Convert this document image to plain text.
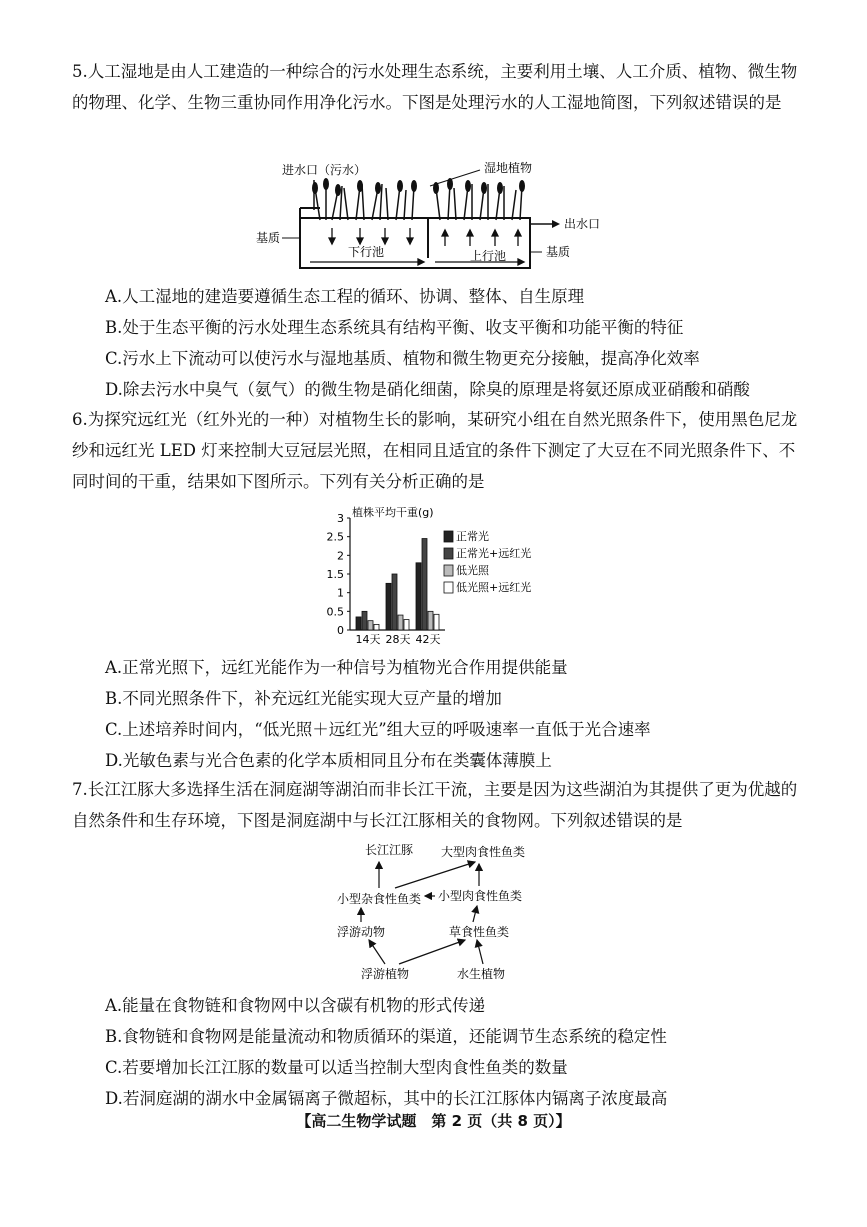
5.人工湿地是由人工建造的一种综合的污水处理生态系统，主要利用土壤、人工介质、植物、微生物的物理、化学、生物三重协同作用净化污水。下图是处理污水的人工湿地简图，下列叙述错误的是

进水口（污水）	湿地植物
出水口
基质
基质
下行池	上行池
A.人工湿地的建造要遵循生态工程的循环、协调、整体、自生原理
B.处于生态平衡的污水处理生态系统具有结构平衡、收支平衡和功能平衡的特征
C.污水上下流动可以使污水与湿地基质、植物和微生物更充分接触，提高净化效率
D.除去污水中臭气（氨气）的微生物是硝化细菌，除臭的原理是将氨还原成亚硝酸和硝酸

6.为探究远红光（红外光的一种）对植物生长的影响，某研究小组在自然光照条件下，使用黑色尼龙纱和远红光 LED 灯来控制大豆冠层光照，在相同且适宜的条件下测定了大豆在不同光照条件下、不同时间的干重，结果如下图所示。下列有关分析正确的是

植株平均干重(g)
0
0.5
1
1.5
2
2.5
3
14天 28天 42天
正常光
正常光+远红光
低光照
低光照+远红光
A.正常光照下，远红光能作为一种信号为植物光合作用提供能量
B.不同光照条件下，补充远红光能实现大豆产量的增加
C.上述培养时间内，“低光照＋远红光”组大豆的呼吸速率一直低于光合速率
D.光敏色素与光合色素的化学本质相同且分布在类囊体薄膜上

7.长江江豚大多选择生活在洞庭湖等湖泊而非长江干流，主要是因为这些湖泊为其提供了更为优越的自然条件和生存环境，下图是洞庭湖中与长江江豚相关的食物网。下列叙述错误的是

长江江豚 大型肉食性鱼类
小型杂食性鱼类 小型肉食性鱼类
浮游动物	草食性鱼类
浮游植物	水生植物
A.能量在食物链和食物网中以含碳有机物的形式传递
B.食物链和食物网是能量流动和物质循环的渠道，还能调节生态系统的稳定性
C.若要增加长江江豚的数量可以适当控制大型肉食性鱼类的数量
D.若洞庭湖的湖水中金属镉离子微超标，其中的长江江豚体内镉离子浓度最高
【高二生物学试题　第 2 页（共 8 页）】
